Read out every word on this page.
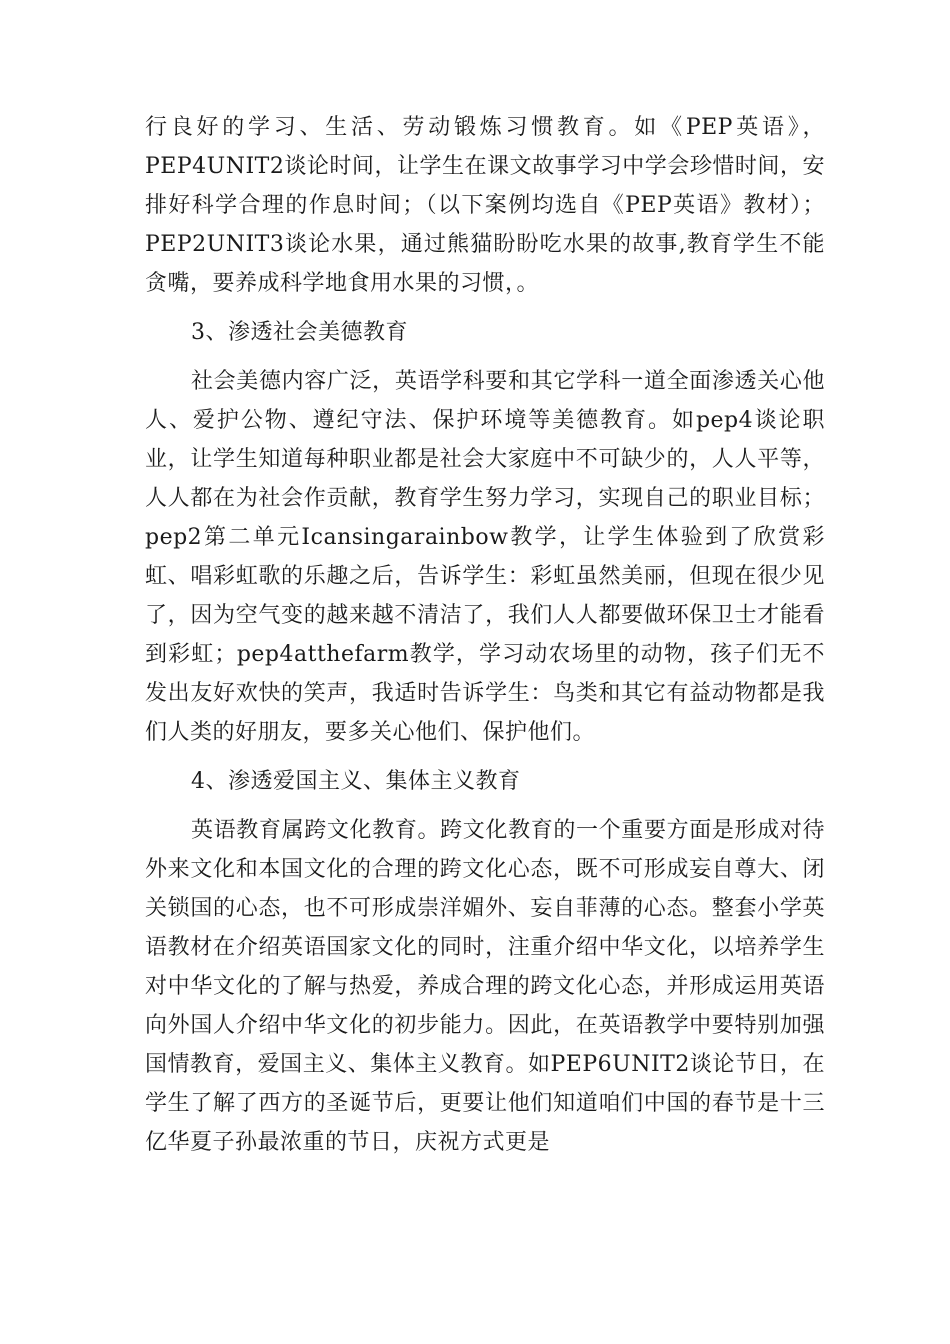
行良好的学习、生活、劳动锻炼习惯教育。如《PEP英语》，PEP4UNIT2谈论时间，让学生在课文故事学习中学会珍惜时间，安排好科学合理的作息时间；（以下案例均选自《PEP英语》教材）；PEP2UNIT3谈论水果，通过熊猫盼盼吃水果的故事,教育学生不能贪嘴，要养成科学地食用水果的习惯，。

3、渗透社会美德教育

社会美德内容广泛，英语学科要和其它学科一道全面渗透关心他人、爱护公物、遵纪守法、保护环境等美德教育。如pep4谈论职业，让学生知道每种职业都是社会大家庭中不可缺少的，人人平等，人人都在为社会作贡献，教育学生努力学习，实现自己的职业目标；pep2第二单元Icansingarainbow教学，让学生体验到了欣赏彩虹、唱彩虹歌的乐趣之后，告诉学生：彩虹虽然美丽，但现在很少见了，因为空气变的越来越不清洁了，我们人人都要做环保卫士才能看到彩虹；pep4atthefarm教学，学习动农场里的动物，孩子们无不发出友好欢快的笑声，我适时告诉学生：鸟类和其它有益动物都是我们人类的好朋友，要多关心他们、保护他们。

4、渗透爱国主义、集体主义教育

英语教育属跨文化教育。跨文化教育的一个重要方面是形成对待外来文化和本国文化的合理的跨文化心态，既不可形成妄自尊大、闭关锁国的心态，也不可形成崇洋媚外、妄自菲薄的心态。整套小学英语教材在介绍英语国家文化的同时，注重介绍中华文化，以培养学生对中华文化的了解与热爱，养成合理的跨文化心态，并形成运用英语向外国人介绍中华文化的初步能力。因此，在英语教学中要特别加强国情教育，爱国主义、集体主义教育。如PEP6UNIT2谈论节日，在学生了解了西方的圣诞节后，更要让他们知道咱们中国的春节是十三亿华夏子孙最浓重的节日，庆祝方式更是
